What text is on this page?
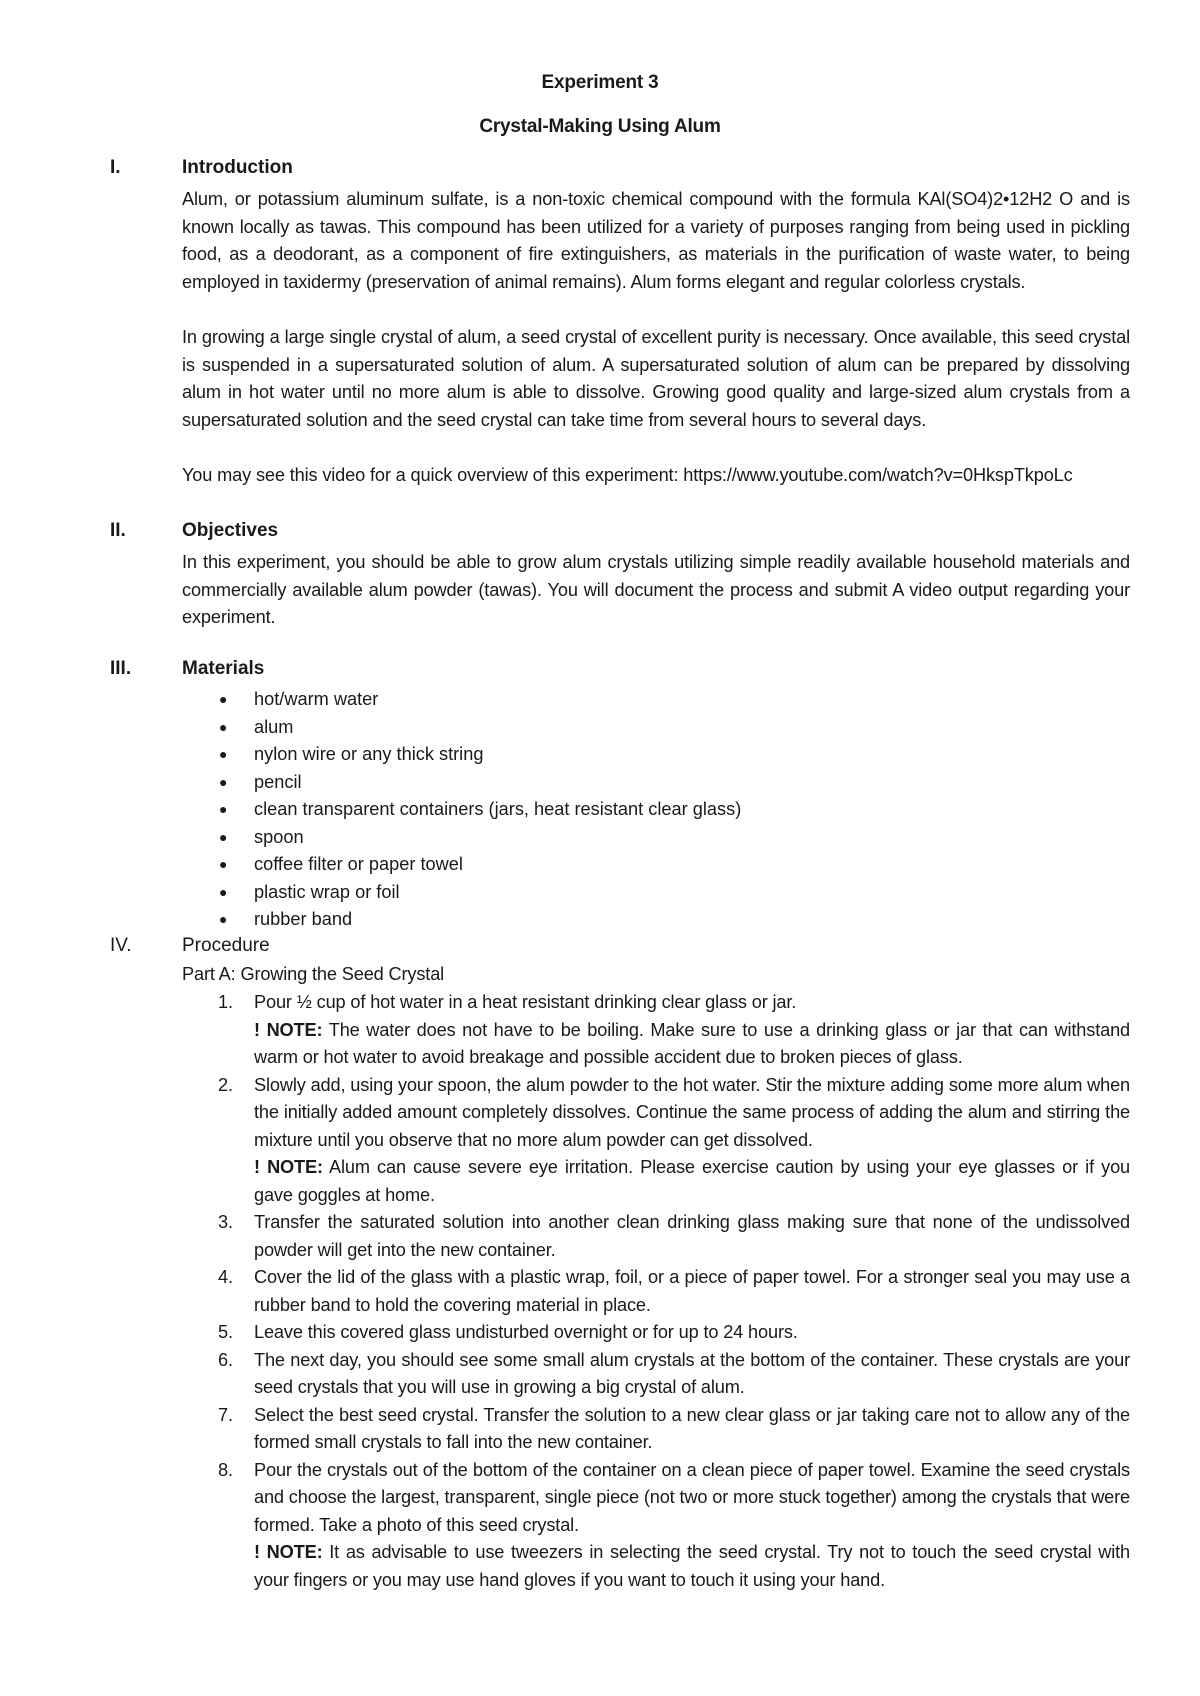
Experiment 3
Crystal-Making Using Alum
I.	Introduction
Alum, or potassium aluminum sulfate, is a non-toxic chemical compound with the formula KAl(SO4)2•12H2 O and is known locally as tawas. This compound has been utilized for a variety of purposes ranging from being used in pickling food, as a deodorant, as a component of fire extinguishers, as materials in the purification of waste water, to being employed in taxidermy (preservation of animal remains). Alum forms elegant and regular colorless crystals.
In growing a large single crystal of alum, a seed crystal of excellent purity is necessary. Once available, this seed crystal is suspended in a supersaturated solution of alum. A supersaturated solution of alum can be prepared by dissolving alum in hot water until no more alum is able to dissolve. Growing good quality and large-sized alum crystals from a supersaturated solution and the seed crystal can take time from several hours to several days.
You may see this video for a quick overview of this experiment: https://www.youtube.com/watch?v=0HkspTkpoLc
II.	Objectives
In this experiment, you should be able to grow alum crystals utilizing simple readily available household materials and commercially available alum powder (tawas). You will document the process and submit A video output regarding your experiment.
III.	Materials
● hot/warm water
● alum
● nylon wire or any thick string
● pencil
● clean transparent containers (jars, heat resistant clear glass)
● spoon
● coffee filter or paper towel
● plastic wrap or foil
● rubber band
IV.	Procedure
Part A: Growing the Seed Crystal
1. Pour ½ cup of hot water in a heat resistant drinking clear glass or jar.
! NOTE: The water does not have to be boiling. Make sure to use a drinking glass or jar that can withstand warm or hot water to avoid breakage and possible accident due to broken pieces of glass.
2. Slowly add, using your spoon, the alum powder to the hot water. Stir the mixture adding some more alum when the initially added amount completely dissolves. Continue the same process of adding the alum and stirring the mixture until you observe that no more alum powder can get dissolved.
! NOTE: Alum can cause severe eye irritation. Please exercise caution by using your eye glasses or if you gave goggles at home.
3. Transfer the saturated solution into another clean drinking glass making sure that none of the undissolved powder will get into the new container.
4. Cover the lid of the glass with a plastic wrap, foil, or a piece of paper towel. For a stronger seal you may use a rubber band to hold the covering material in place.
5. Leave this covered glass undisturbed overnight or for up to 24 hours.
6. The next day, you should see some small alum crystals at the bottom of the container. These crystals are your seed crystals that you will use in growing a big crystal of alum.
7. Select the best seed crystal. Transfer the solution to a new clear glass or jar taking care not to allow any of the formed small crystals to fall into the new container.
8. Pour the crystals out of the bottom of the container on a clean piece of paper towel. Examine the seed crystals and choose the largest, transparent, single piece (not two or more stuck together) among the crystals that were formed. Take a photo of this seed crystal.
! NOTE: It as advisable to use tweezers in selecting the seed crystal. Try not to touch the seed crystal with your fingers or you may use hand gloves if you want to touch it using your hand.
